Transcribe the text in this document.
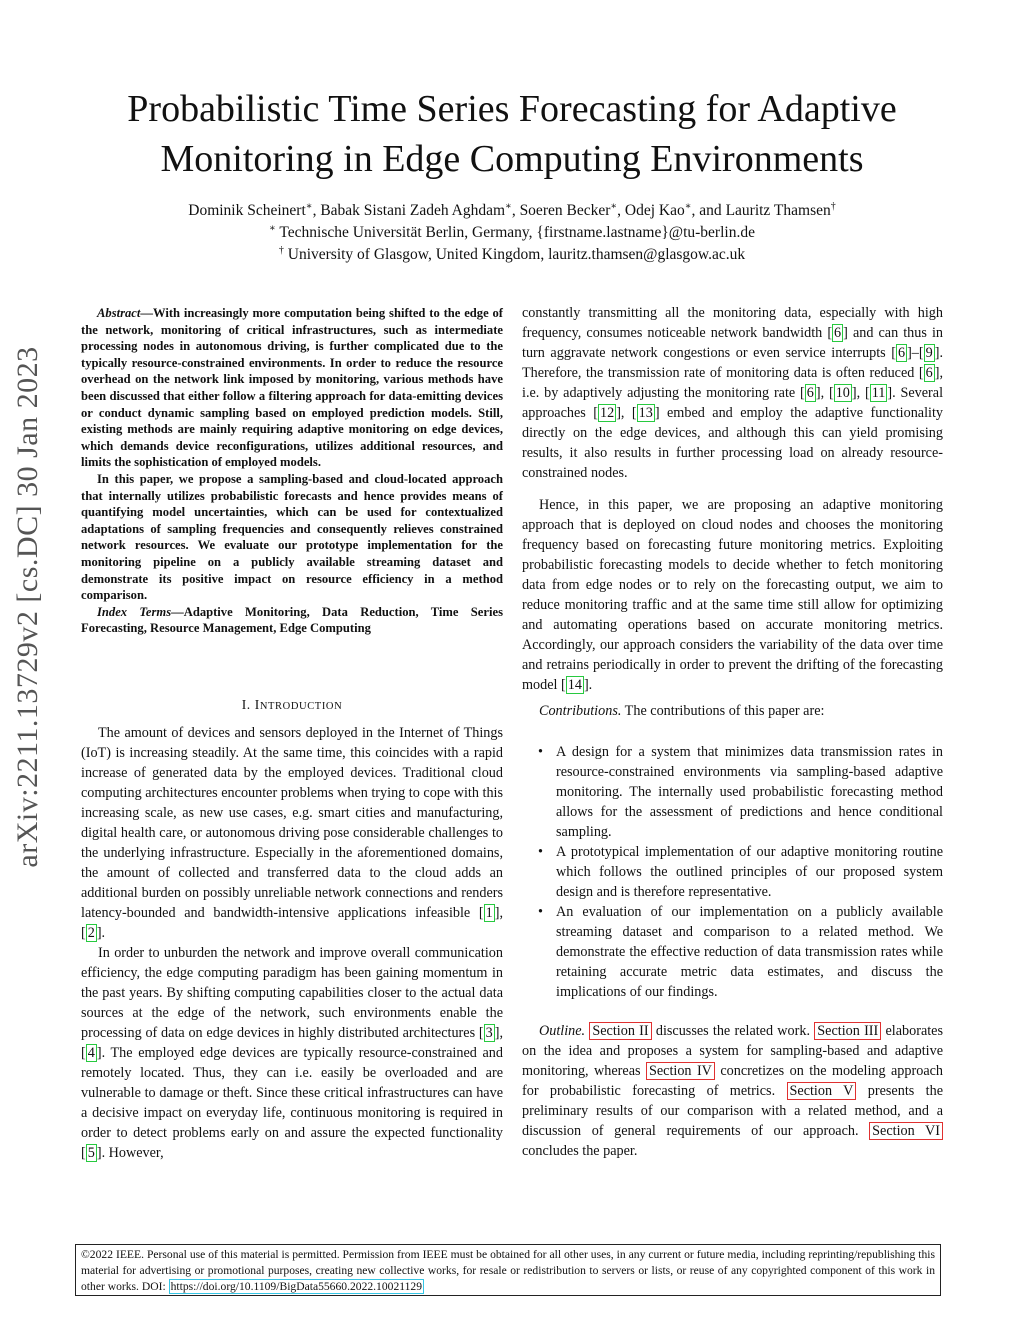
Probabilistic Time Series Forecasting for Adaptive
Monitoring in Edge Computing Environments
Dominik Scheinert∗, Babak Sistani Zadeh Aghdam∗, Soeren Becker∗, Odej Kao∗, and Lauritz Thamsen†
∗ Technische Universität Berlin, Germany, {firstname.lastname}@tu-berlin.de
† University of Glasgow, United Kingdom, lauritz.thamsen@glasgow.ac.uk
arXiv:2211.13729v2 [cs.DC] 30 Jan 2023

Abstract—With increasingly more computation being shifted to the edge of the network, monitoring of critical infrastructures, such as intermediate processing nodes in autonomous driving, is further complicated due to the typically resource-constrained environments. In order to reduce the resource overhead on the network link imposed by monitoring, various methods have been discussed that either follow a filtering approach for data-emitting devices or conduct dynamic sampling based on employed prediction models. Still, existing methods are mainly requiring adaptive monitoring on edge devices, which demands device reconfigurations, utilizes additional resources, and limits the sophistication of employed models.

In this paper, we propose a sampling-based and cloud-located approach that internally utilizes probabilistic forecasts and hence provides means of quantifying model uncertainties, which can be used for contextualized adaptations of sampling frequencies and consequently relieves constrained network resources. We evaluate our prototype implementation for the monitoring pipeline on a publicly available streaming dataset and demonstrate its positive impact on resource efficiency in a method comparison.

Index Terms—Adaptive Monitoring, Data Reduction, Time Series Forecasting, Resource Management, Edge Computing

I. INTRODUCTION

The amount of devices and sensors deployed in the Internet of Things (IoT) is increasing steadily. At the same time, this coincides with a rapid increase of generated data by the employed devices. Traditional cloud computing architectures encounter problems when trying to cope with this increasing scale, as new use cases, e.g. smart cities and manufacturing, digital health care, or autonomous driving pose considerable challenges to the underlying infrastructure. Especially in the aforementioned domains, the amount of collected and transferred data to the cloud adds an additional burden on possibly unreliable network connections and renders latency-bounded and bandwidth-intensive applications infeasible [ 1 ], [ 2 ].

In order to unburden the network and improve overall communication efficiency, the edge computing paradigm has been gaining momentum in the past years. By shifting computing capabilities closer to the actual data sources at the edge of the network, such environments enable the processing of data on edge devices in highly distributed architectures [ 3 ], [ 4 ]. The employed edge devices are typically resource-constrained and remotely located. Thus, they can i.e. easily be overloaded and are vulnerable to damage or theft. Since these critical infrastructures can have a decisive impact on everyday life, continuous monitoring is required in order to detect problems early on and assure the expected functionality [ 5 ]. However,

constantly transmitting all the monitoring data, especially with high frequency, consumes noticeable network bandwidth [ 6 ] and can thus in turn aggravate network congestions or even service interrupts [ 6 ]–[ 9 ]. Therefore, the transmission rate of monitoring data is often reduced [ 6 ], i.e. by adaptively adjusting the monitoring rate [ 6 ], [ 10 ], [ 11 ]. Several approaches [ 12 ], [ 13 ] embed and employ the adaptive functionality directly on the edge devices, and although this can yield promising results, it also results in further processing load on already resource-constrained nodes.

Hence, in this paper, we are proposing an adaptive monitoring approach that is deployed on cloud nodes and chooses the monitoring frequency based on forecasting future monitoring metrics. Exploiting probabilistic forecasting models to decide whether to fetch monitoring data from edge nodes or to rely on the forecasting output, we aim to reduce monitoring traffic and at the same time still allow for optimizing and automating operations based on accurate monitoring metrics. Accordingly, our approach considers the variability of the data over time and retrains periodically in order to prevent the drifting of the forecasting model [ 14 ].

Contributions. The contributions of this paper are:

• A design for a system that minimizes data transmission rates in resource-constrained environments via sampling-based adaptive monitoring. The internally used probabilistic forecasting method allows for the assessment of predictions and hence conditional sampling.
• A prototypical implementation of our adaptive monitoring routine which follows the outlined principles of our proposed system design and is therefore representative.
• An evaluation of our implementation on a publicly available streaming dataset and comparison to a related method. We demonstrate the effective reduction of data transmission rates while retaining accurate metric data estimates, and discuss the implications of our findings.

Outline. Section II discusses the related work. Section III elaborates on the idea and proposes a system for sampling-based and adaptive monitoring, whereas Section IV concretizes on the modeling approach for probabilistic forecasting of metrics. Section V presents the preliminary results of our comparison with a related method, and a discussion of general requirements of our approach. Section VI concludes the paper.

©2022 IEEE. Personal use of this material is permitted. Permission from IEEE must be obtained for all other uses, in any current or future media, including reprinting/republishing this material for advertising or promotional purposes, creating new collective works, for resale or redistribution to servers or lists, or reuse of any copyrighted component of this work in other works. DOI: https://doi.org/10.1109/BigData55660.2022.10021129
